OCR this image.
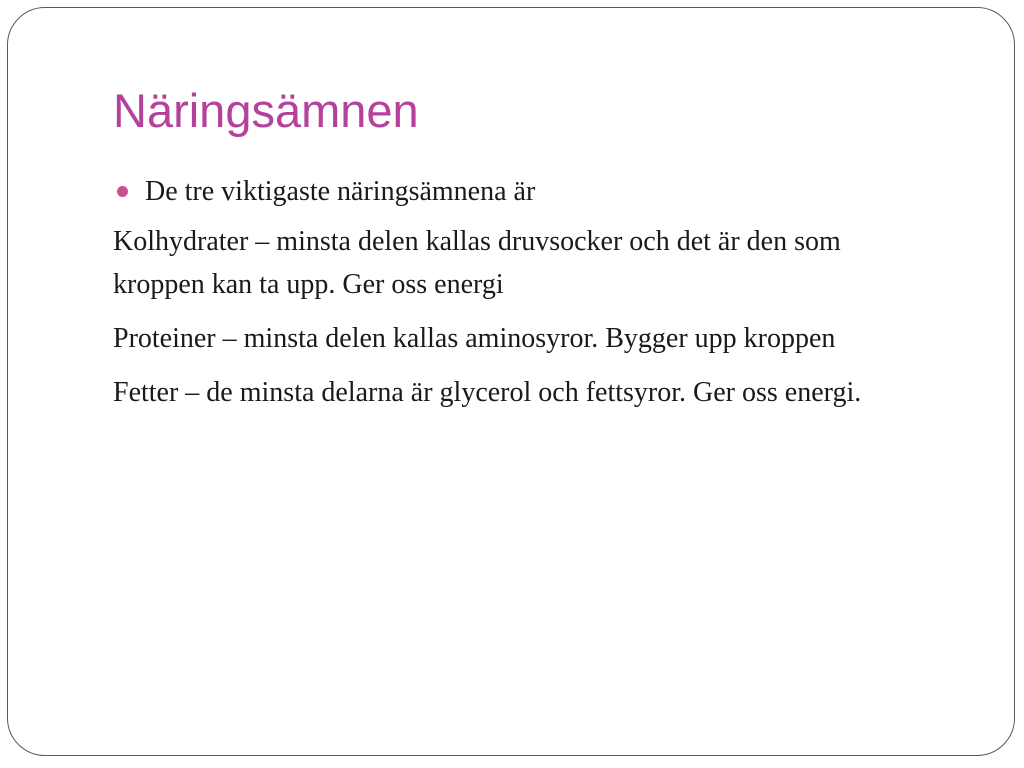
Näringsämnen
De tre viktigaste näringsämnena är

Kolhydrater – minsta delen kallas druvsocker och det är den som kroppen kan ta upp. Ger oss energi

Proteiner – minsta delen kallas aminosyror. Bygger upp kroppen

Fetter – de minsta delarna är glycerol och fettsyror. Ger oss energi.
